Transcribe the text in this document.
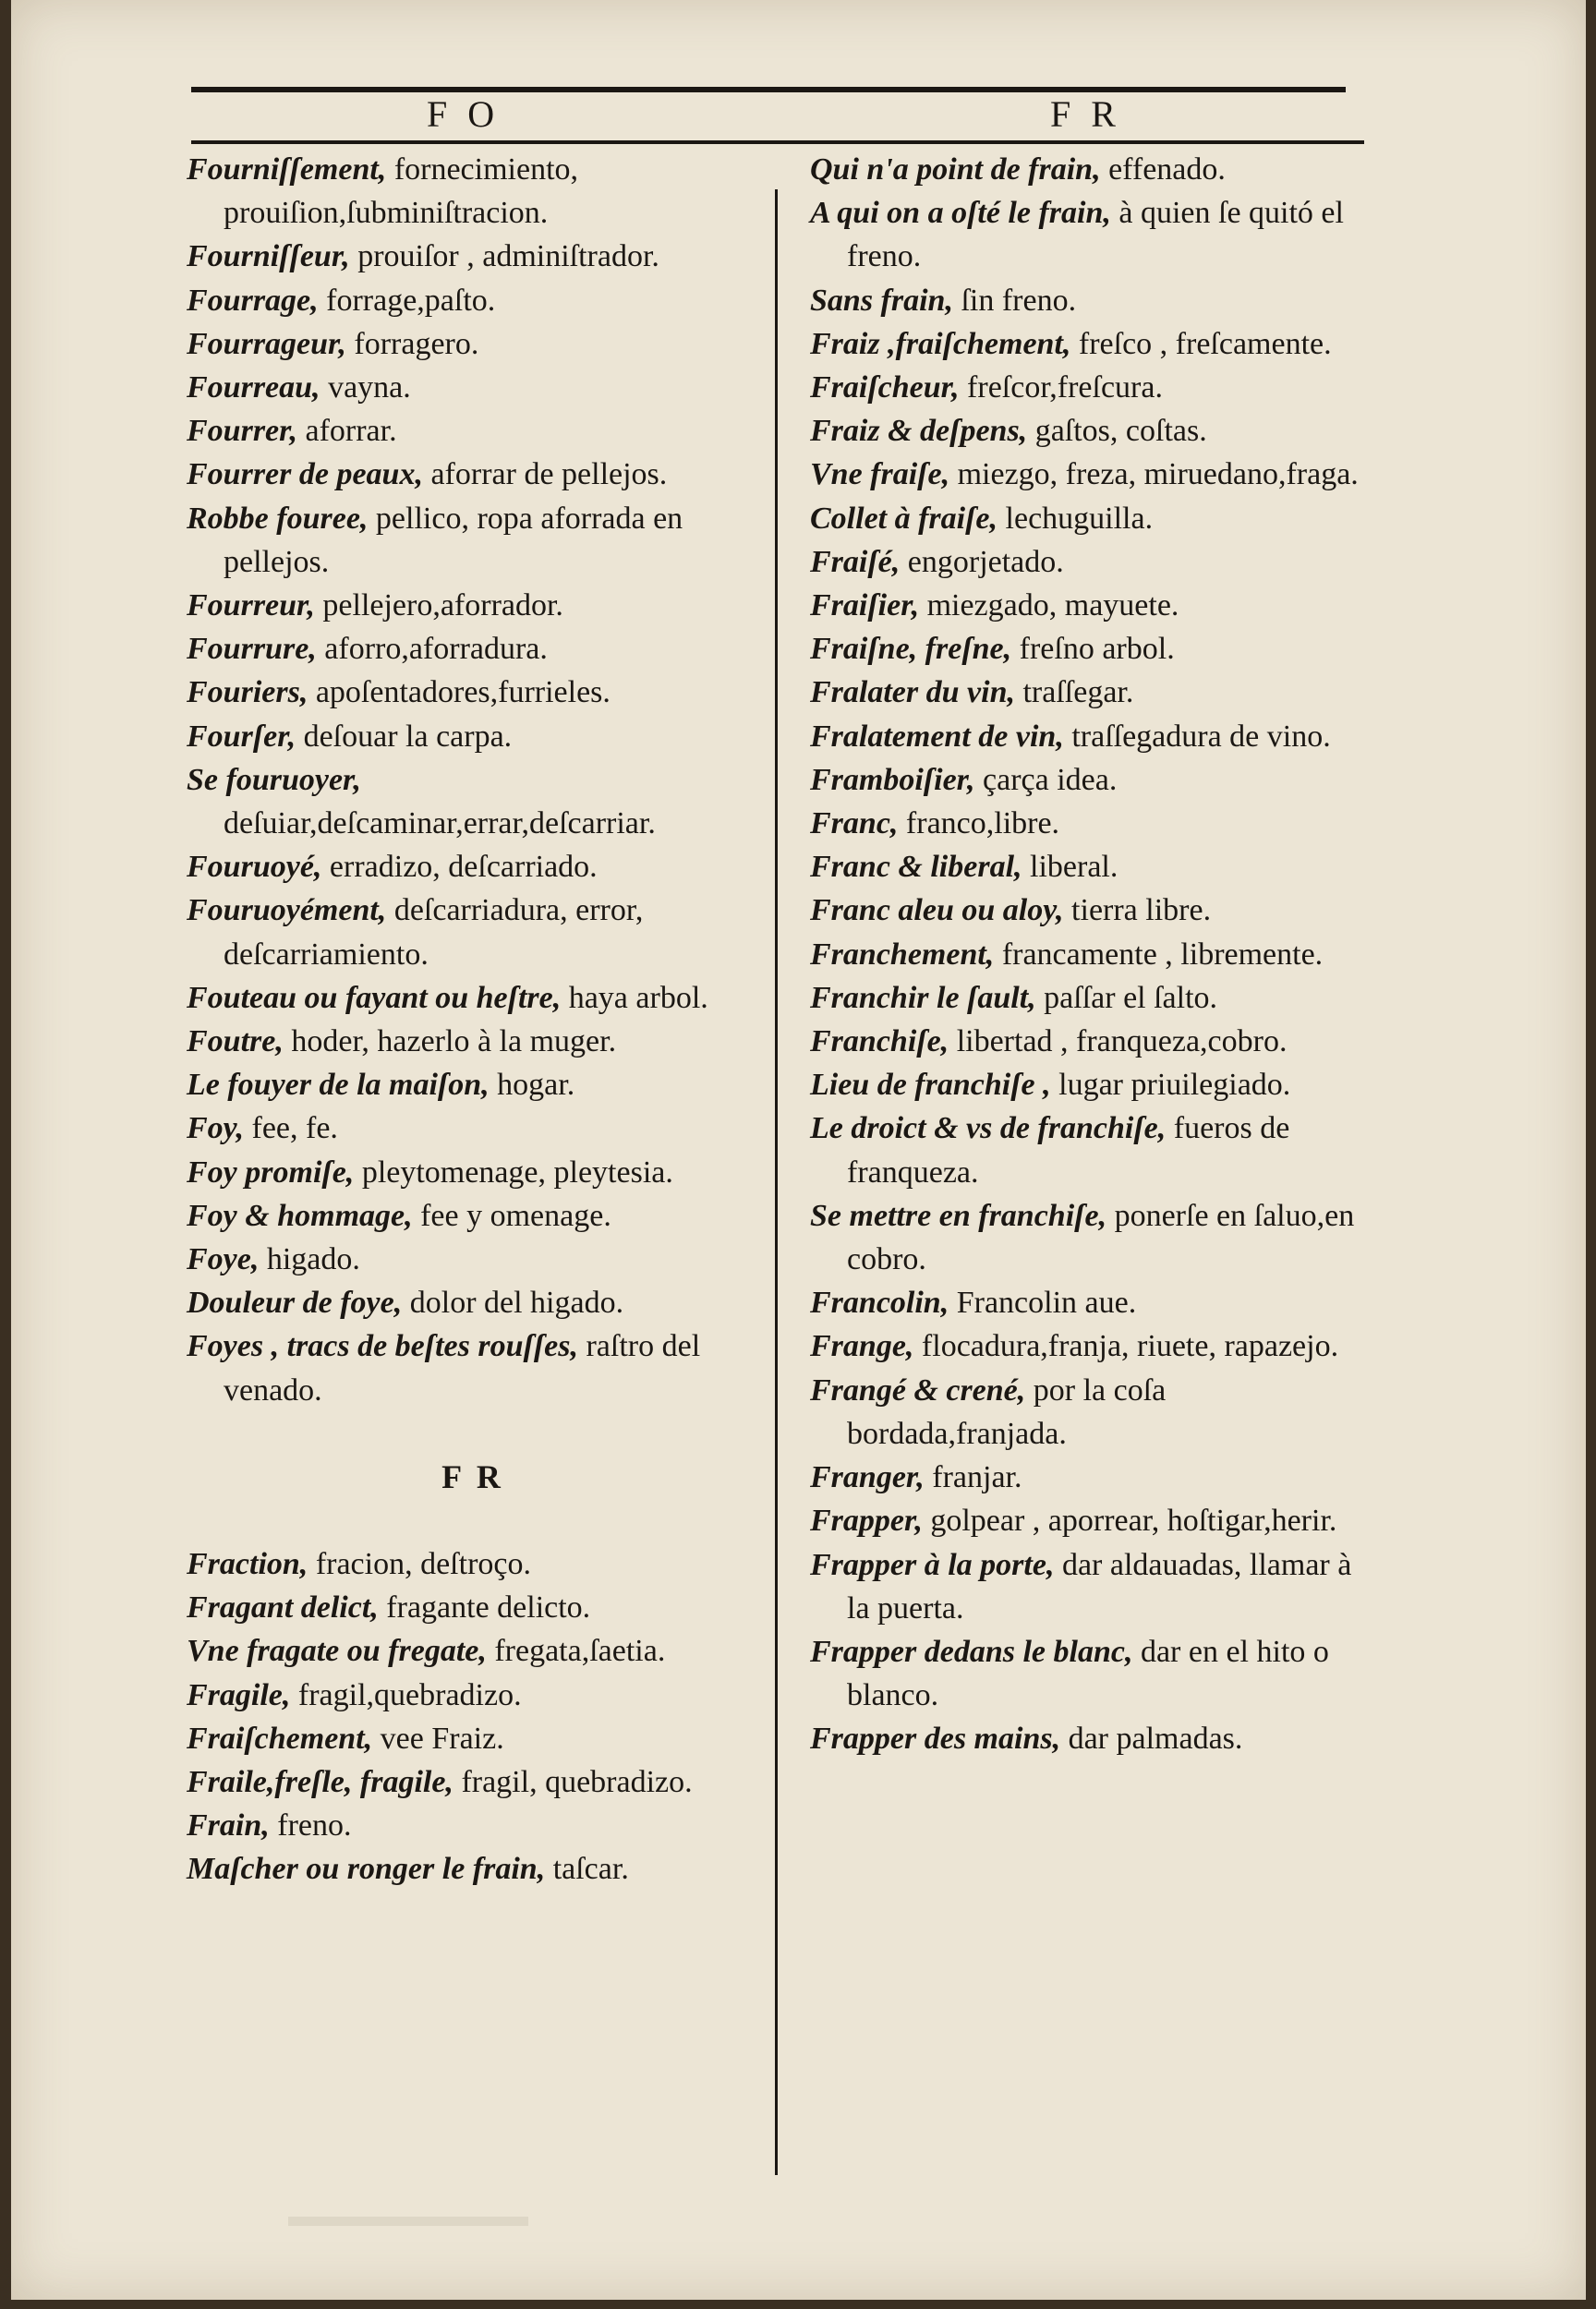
F O	F R

Fourniſſement, fornecimiento, prouiſion,ſubminiſtracion.

Fourniſſeur, prouiſor , adminiſtrador.

Fourrage, forrage,paſto.

Fourrageur, forragero.

Fourreau, vayna.

Fourrer, aforrar.

Fourrer de peaux, aforrar de pellejos.

Robbe fouree, pellico, ropa aforrada en pellejos.

Fourreur, pellejero,aforrador.

Fourrure, aforro,aforradura.

Fouriers, apoſentadores,furrieles.

Fourſer, deſouar la carpa.

Se fouruoyer, deſuiar,deſcaminar,errar,deſcarriar.

Fouruoyé, erradizo, deſcarriado.

Fouruoyément, deſcarriadura, error, deſcarriamiento.

Fouteau ou fayant ou heſtre, haya arbol.

Foutre, hoder, hazerlo à la muger.

Le fouyer de la maiſon, hogar.

Foy, fee, fe.

Foy promiſe, pleytomenage, pleytesia.

Foy & hommage, fee y omenage.

Foye, higado.

Douleur de foye, dolor del higado.

Foyes , tracs de beſtes rouſſes, raſtro del venado.

F R

Fraction, fracion, deſtroço.

Fragant delict, fragante delicto.

Vne fragate ou fregate, fregata,ſaetia.

Fragile, fragil,quebradizo.

Fraiſchement, vee Fraiz.

Fraile,freſle, fragile, fragil, quebradizo.

Frain, freno.

Maſcher ou ronger le frain, taſcar.

Qui n'a point de frain, effenado.

A qui on a oſté le frain, à quien ſe quitó el freno.

Sans frain, ſin freno.

Fraiz ,fraiſchement, freſco , freſcamente.

Fraiſcheur, freſcor,freſcura.

Fraiz & deſpens, gaſtos, coſtas.

Vne fraiſe, miezgo, freza, miruedano,fraga.

Collet à fraiſe, lechuguilla.

Fraiſé, engorjetado.

Fraiſier, miezgado, mayuete.

Fraiſne, freſne, freſno arbol.

Fralater du vin, traſſegar.

Fralatement de vin, traſſegadura de vino.

Framboiſier, çarça idea.

Franc, franco,libre.

Franc & liberal, liberal.

Franc aleu ou aloy, tierra libre.

Franchement, francamente , libremente.

Franchir le ſault, paſſar el ſalto.

Franchiſe, libertad , franqueza,cobro.

Lieu de franchiſe , lugar priuilegiado.

Le droict & vs de franchiſe, fueros de franqueza.

Se mettre en franchiſe, ponerſe en ſaluo,en cobro.

Francolin, Francolin aue.

Frange, flocadura,franja, riuete, rapazejo.

Frangé & crené, por la coſa bordada,franjada.

Franger, franjar.

Frapper, golpear , aporrear, hoſtigar,herir.

Frapper à la porte, dar aldauadas, llamar à la puerta.

Frapper dedans le blanc, dar en el hito o blanco.

Frapper des mains, dar palmadas.
